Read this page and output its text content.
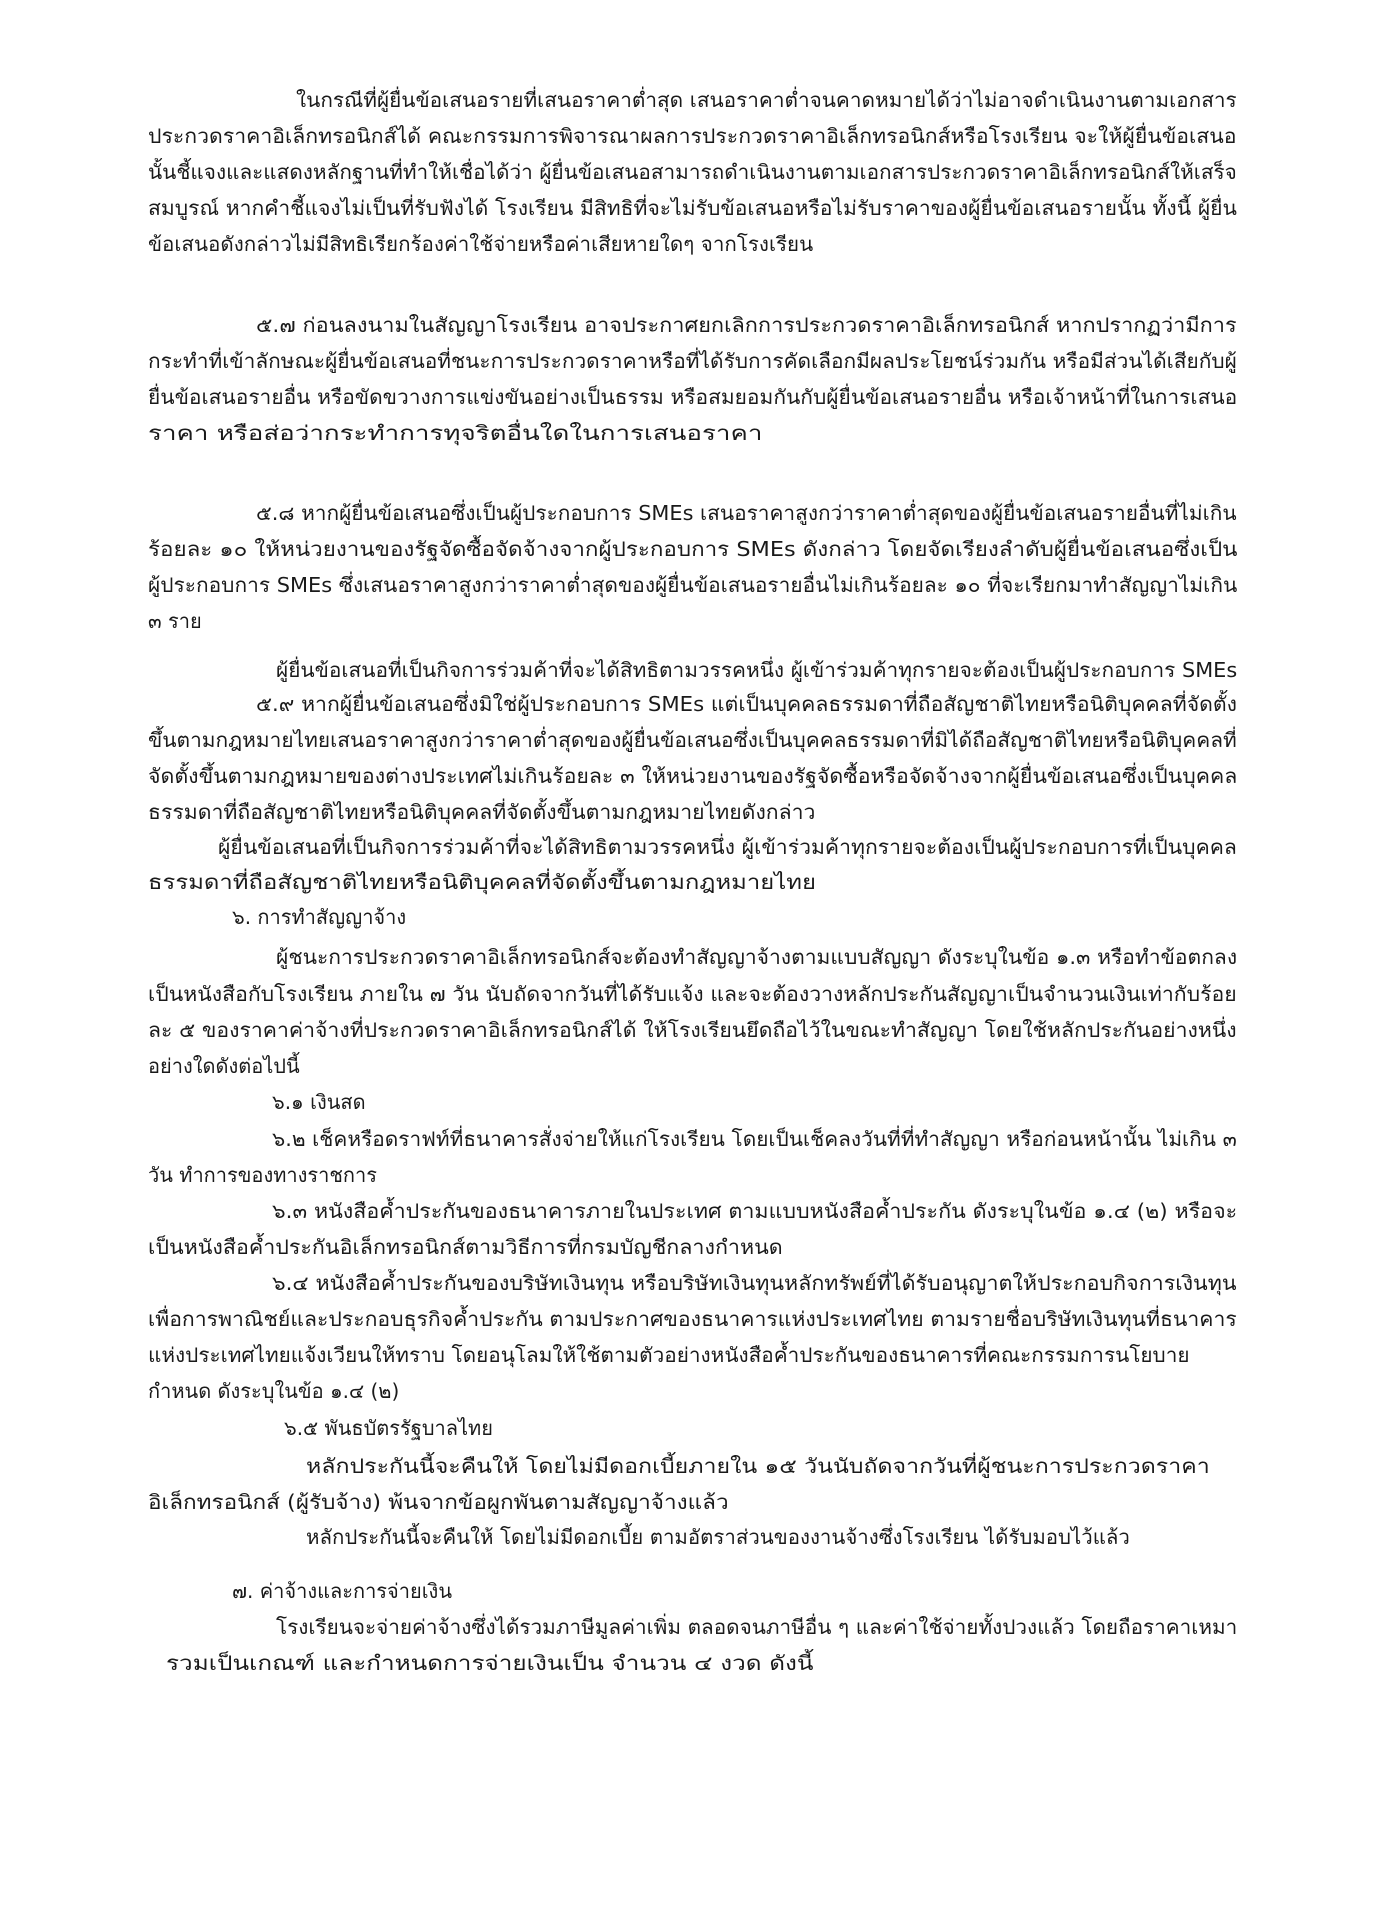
ในกรณีที่ผู้ยื่นข้อเสนอรายที่เสนอราคาต่ำสุด เสนอราคาต่ำจนคาดหมายได้ว่าไม่อาจดำเนินงานตามเอกสาร
ประกวดราคาอิเล็กทรอนิกส์ได้ คณะกรรมการพิจารณาผลการประกวดราคาอิเล็กทรอนิกส์หรือโรงเรียน จะให้ผู้ยื่นข้อเสนอ
นั้นชี้แจงและแสดงหลักฐานที่ทำให้เชื่อได้ว่า ผู้ยื่นข้อเสนอสามารถดำเนินงานตามเอกสารประกวดราคาอิเล็กทรอนิกส์ให้เสร็จ
สมบูรณ์ หากคำชี้แจงไม่เป็นที่รับฟังได้ โรงเรียน มีสิทธิที่จะไม่รับข้อเสนอหรือไม่รับราคาของผู้ยื่นข้อเสนอรายนั้น ทั้งนี้ ผู้ยื่น
ข้อเสนอดังกล่าวไม่มีสิทธิเรียกร้องค่าใช้จ่ายหรือค่าเสียหายใดๆ จากโรงเรียน
๕.๗ ก่อนลงนามในสัญญาโรงเรียน อาจประกาศยกเลิกการประกวดราคาอิเล็กทรอนิกส์ หากปรากฏว่ามีการ
กระทำที่เข้าลักษณะผู้ยื่นข้อเสนอที่ชนะการประกวดราคาหรือที่ได้รับการคัดเลือกมีผลประโยชน์ร่วมกัน หรือมีส่วนได้เสียกับผู้
ยื่นข้อเสนอรายอื่น หรือขัดขวางการแข่งขันอย่างเป็นธรรม หรือสมยอมกันกับผู้ยื่นข้อเสนอรายอื่น หรือเจ้าหน้าที่ในการเสนอ
ราคา หรือส่อว่ากระทำการทุจริตอื่นใดในการเสนอราคา
๕.๘ หากผู้ยื่นข้อเสนอซึ่งเป็นผู้ประกอบการ SMEs เสนอราคาสูงกว่าราคาต่ำสุดของผู้ยื่นข้อเสนอรายอื่นที่ไม่เกิน
ร้อยละ ๑๐ ให้หน่วยงานของรัฐจัดซื้อจัดจ้างจากผู้ประกอบการ SMEs ดังกล่าว โดยจัดเรียงลำดับผู้ยื่นข้อเสนอซึ่งเป็น
ผู้ประกอบการ SMEs ซึ่งเสนอราคาสูงกว่าราคาต่ำสุดของผู้ยื่นข้อเสนอรายอื่นไม่เกินร้อยละ ๑๐ ที่จะเรียกมาทำสัญญาไม่เกิน
๓ ราย
ผู้ยื่นข้อเสนอที่เป็นกิจการร่วมค้าที่จะได้สิทธิตามวรรคหนึ่ง ผู้เข้าร่วมค้าทุกรายจะต้องเป็นผู้ประกอบการ SMEs
๕.๙ หากผู้ยื่นข้อเสนอซึ่งมิใช่ผู้ประกอบการ SMEs แต่เป็นบุคคลธรรมดาที่ถือสัญชาติไทยหรือนิติบุคคลที่จัดตั้ง
ขึ้นตามกฎหมายไทยเสนอราคาสูงกว่าราคาต่ำสุดของผู้ยื่นข้อเสนอซึ่งเป็นบุคคลธรรมดาที่มิได้ถือสัญชาติไทยหรือนิติบุคคลที่
จัดตั้งขึ้นตามกฎหมายของต่างประเทศไม่เกินร้อยละ ๓ ให้หน่วยงานของรัฐจัดซื้อหรือจัดจ้างจากผู้ยื่นข้อเสนอซึ่งเป็นบุคคล
ธรรมดาที่ถือสัญชาติไทยหรือนิติบุคคลที่จัดตั้งขึ้นตามกฎหมายไทยดังกล่าว
ผู้ยื่นข้อเสนอที่เป็นกิจการร่วมค้าที่จะได้สิทธิตามวรรคหนึ่ง ผู้เข้าร่วมค้าทุกรายจะต้องเป็นผู้ประกอบการที่เป็นบุคคล
ธรรมดาที่ถือสัญชาติไทยหรือนิติบุคคลที่จัดตั้งขึ้นตามกฎหมายไทย
๖. การทำสัญญาจ้าง
ผู้ชนะการประกวดราคาอิเล็กทรอนิกส์จะต้องทำสัญญาจ้างตามแบบสัญญา ดังระบุในข้อ ๑.๓ หรือทำข้อตกลง
เป็นหนังสือกับโรงเรียน ภายใน ๗ วัน นับถัดจากวันที่ได้รับแจ้ง และจะต้องวางหลักประกันสัญญาเป็นจำนวนเงินเท่ากับร้อย
ละ ๕ ของราคาค่าจ้างที่ประกวดราคาอิเล็กทรอนิกส์ได้ ให้โรงเรียนยึดถือไว้ในขณะทำสัญญา โดยใช้หลักประกันอย่างหนึ่ง
อย่างใดดังต่อไปนี้
๖.๑ เงินสด
๖.๒ เช็คหรือดราฟท์ที่ธนาคารสั่งจ่ายให้แก่โรงเรียน โดยเป็นเช็คลงวันที่ที่ทำสัญญา หรือก่อนหน้านั้น ไม่เกิน ๓
วัน ทำการของทางราชการ
๖.๓ หนังสือค้ำประกันของธนาคารภายในประเทศ ตามแบบหนังสือค้ำประกัน ดังระบุในข้อ ๑.๔ (๒) หรือจะ
เป็นหนังสือค้ำประกันอิเล็กทรอนิกส์ตามวิธีการที่กรมบัญชีกลางกำหนด
๖.๔ หนังสือค้ำประกันของบริษัทเงินทุน หรือบริษัทเงินทุนหลักทรัพย์ที่ได้รับอนุญาตให้ประกอบกิจการเงินทุน
เพื่อการพาณิชย์และประกอบธุรกิจค้ำประกัน ตามประกาศของธนาคารแห่งประเทศไทย ตามรายชื่อบริษัทเงินทุนที่ธนาคาร
แห่งประเทศไทยแจ้งเวียนให้ทราบ โดยอนุโลมให้ใช้ตามตัวอย่างหนังสือค้ำประกันของธนาคารที่คณะกรรมการนโยบาย
กำหนด ดังระบุในข้อ ๑.๔ (๒)
๖.๕ พันธบัตรรัฐบาลไทย
หลักประกันนี้จะคืนให้ โดยไม่มีดอกเบี้ยภายใน ๑๕ วันนับถัดจากวันที่ผู้ชนะการประกวดราคา
อิเล็กทรอนิกส์ (ผู้รับจ้าง) พ้นจากข้อผูกพันตามสัญญาจ้างแล้ว
หลักประกันนี้จะคืนให้ โดยไม่มีดอกเบี้ย ตามอัตราส่วนของงานจ้างซึ่งโรงเรียน ได้รับมอบไว้แล้ว
๗. ค่าจ้างและการจ่ายเงิน
โรงเรียนจะจ่ายค่าจ้างซึ่งได้รวมภาษีมูลค่าเพิ่ม ตลอดจนภาษีอื่น ๆ และค่าใช้จ่ายทั้งปวงแล้ว โดยถือราคาเหมา
รวมเป็นเกณฑ์ และกำหนดการจ่ายเงินเป็น จำนวน ๔ งวด ดังนี้
